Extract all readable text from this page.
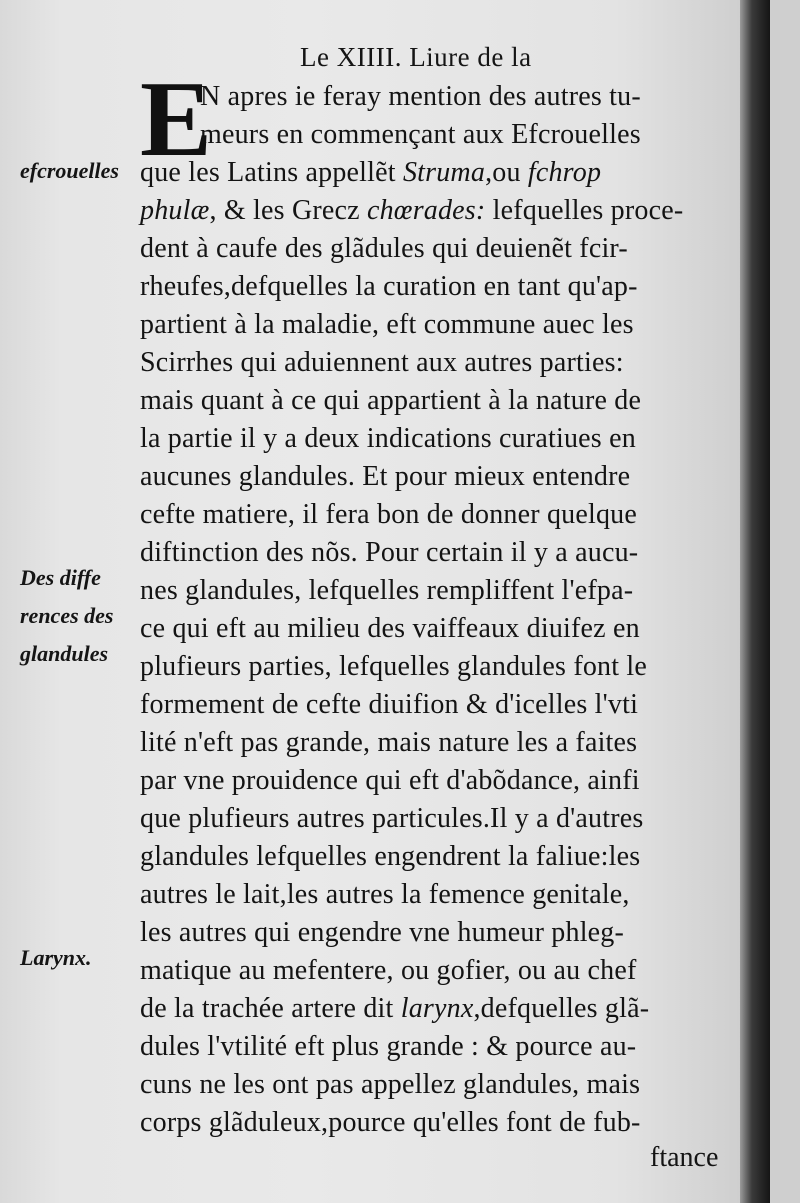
Le XIIII. Liure de la
E
efcrouelles
Des diffe
rences des
glandules
Larynx.
N apres ie feray mention des autres tu-
meurs en commençant aux Efcrouelles
que les Latins appellẽt Struma,ou fchrop
phulæ, & les Grecz chœrades: lefquelles proce-
dent à caufe des glãdules qui deuienẽt fcir-
rheufes,defquelles la curation en tant qu'ap-
partient à la maladie, eft commune auec les
Scirrhes qui aduiennent aux autres parties:
mais quant à ce qui appartient à la nature de
la partie il y a deux indications curatiues en
aucunes glandules. Et pour mieux entendre
cefte matiere, il fera bon de donner quelque
diftinction des nõs. Pour certain il y a aucu-
nes glandules, lefquelles rempliffent l'efpa-
ce qui eft au milieu des vaiffeaux diuifez en
plufieurs parties, lefquelles glandules font le
formement de cefte diuifion & d'icelles l'vti
lité n'eft pas grande, mais nature les a faites
par vne prouidence qui eft d'abõdance, ainfi
que plufieurs autres particules.Il y a d'autres
glandules lefquelles engendrent la faliue:les
autres le lait,les autres la femence genitale,
les autres qui engendre vne humeur phleg-
matique au mefentere, ou gofier, ou au chef
de la trachée artere dit larynx,defquelles glã-
dules l'vtilité eft plus grande : & pource au-
cuns ne les ont pas appellez glandules, mais
corps glãduleux,pource qu'elles font de fub-
ftance
